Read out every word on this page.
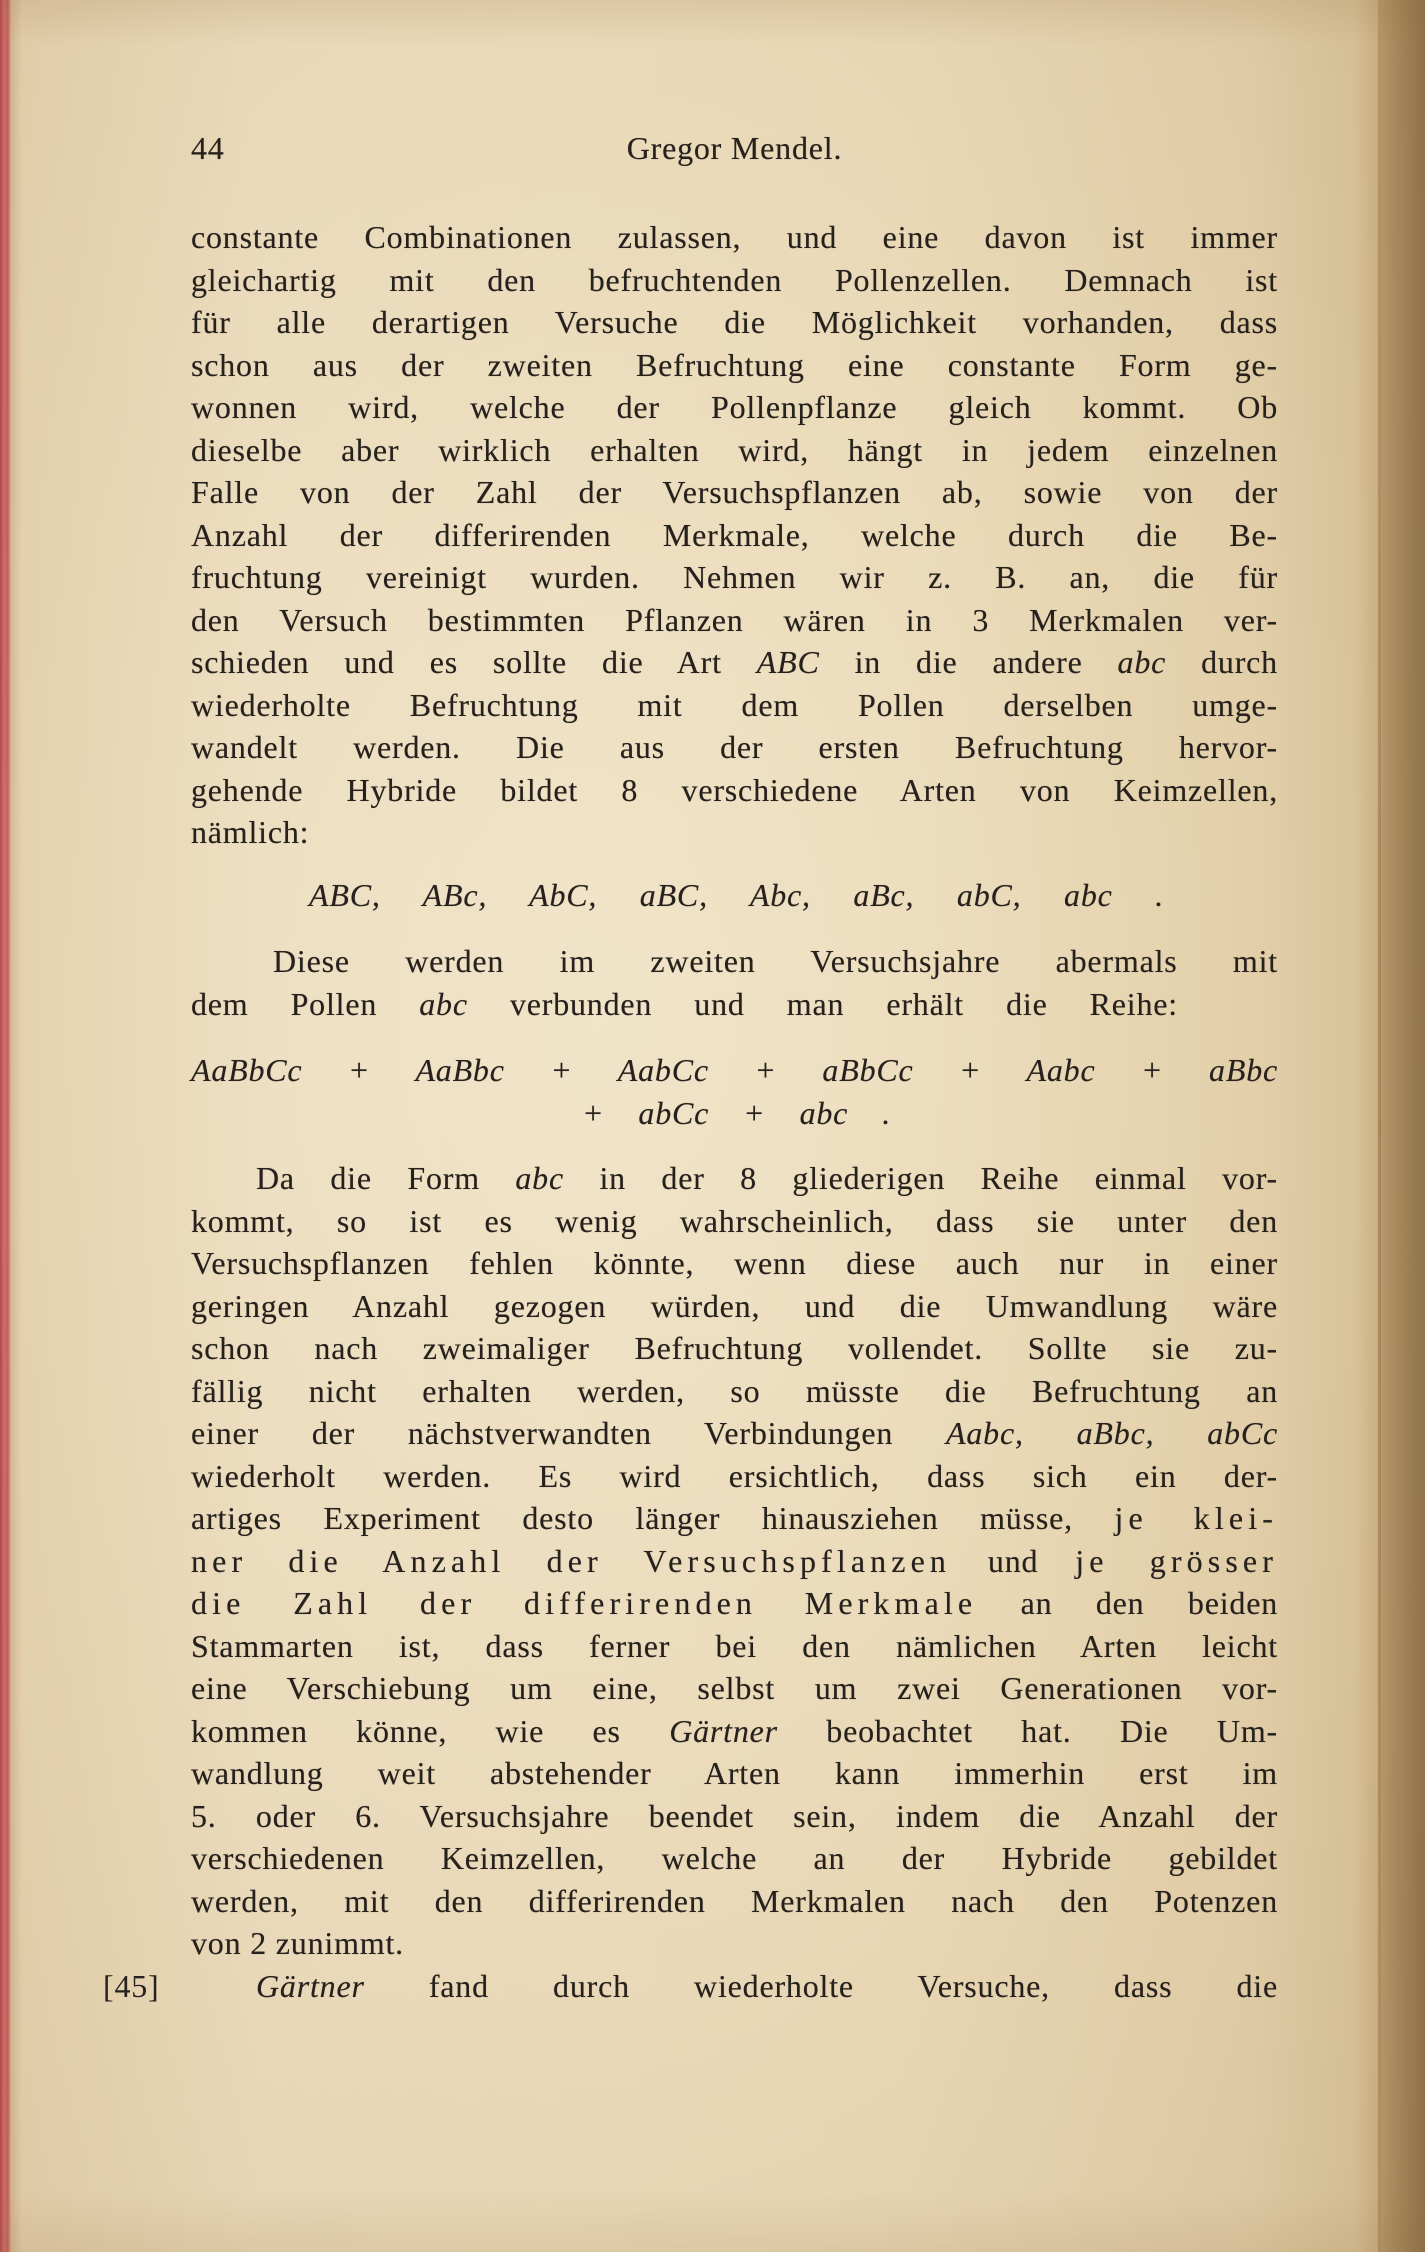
44	Gregor Mendel.
constante Combinationen zulassen, und eine davon ist immer
gleichartig mit den befruchtenden Pollenzellen. Demnach ist
für alle derartigen Versuche die Möglichkeit vorhanden, dass
schon aus der zweiten Befruchtung eine constante Form ge-
wonnen wird, welche der Pollenpflanze gleich kommt. Ob
dieselbe aber wirklich erhalten wird, hängt in jedem einzelnen
Falle von der Zahl der Versuchspflanzen ab, sowie von der
Anzahl der differirenden Merkmale, welche durch die Be-
fruchtung vereinigt wurden. Nehmen wir z. B. an, die für
den Versuch bestimmten Pflanzen wären in 3 Merkmalen ver-
schieden und es sollte die Art ABC in die andere abc durch
wiederholte Befruchtung mit dem Pollen derselben umge-
wandelt werden. Die aus der ersten Befruchtung hervor-
gehende Hybride bildet 8 verschiedene Arten von Keimzellen,
nämlich:
ABC, ABc, AbC, aBC, Abc, aBc, abC, abc .
Diese werden im zweiten Versuchsjahre abermals mit
dem Pollen abc verbunden und man erhält die Reihe:
AaBbCc + AaBbc + AabCc + aBbCc + Aabc + aBbc
+ abCc + abc .
Da die Form abc in der 8 gliederigen Reihe einmal vor-
kommt, so ist es wenig wahrscheinlich, dass sie unter den
Versuchspflanzen fehlen könnte, wenn diese auch nur in einer
geringen Anzahl gezogen würden, und die Umwandlung wäre
schon nach zweimaliger Befruchtung vollendet. Sollte sie zu-
fällig nicht erhalten werden, so müsste die Befruchtung an
einer der nächstverwandten Verbindungen Aabc, aBbc, abCc
wiederholt werden. Es wird ersichtlich, dass sich ein der-
artiges Experiment desto länger hinausziehen müsse, je klei-
ner die Anzahl der Versuchspflanzen und je grösser
die Zahl der differirenden Merkmale an den beiden
Stammarten ist, dass ferner bei den nämlichen Arten leicht
eine Verschiebung um eine, selbst um zwei Generationen vor-
kommen könne, wie es Gärtner beobachtet hat. Die Um-
wandlung weit abstehender Arten kann immerhin erst im
5. oder 6. Versuchsjahre beendet sein, indem die Anzahl der
verschiedenen Keimzellen, welche an der Hybride gebildet
werden, mit den differirenden Merkmalen nach den Potenzen
von 2 zunimmt.
[45]	Gärtner fand durch wiederholte Versuche, dass die
